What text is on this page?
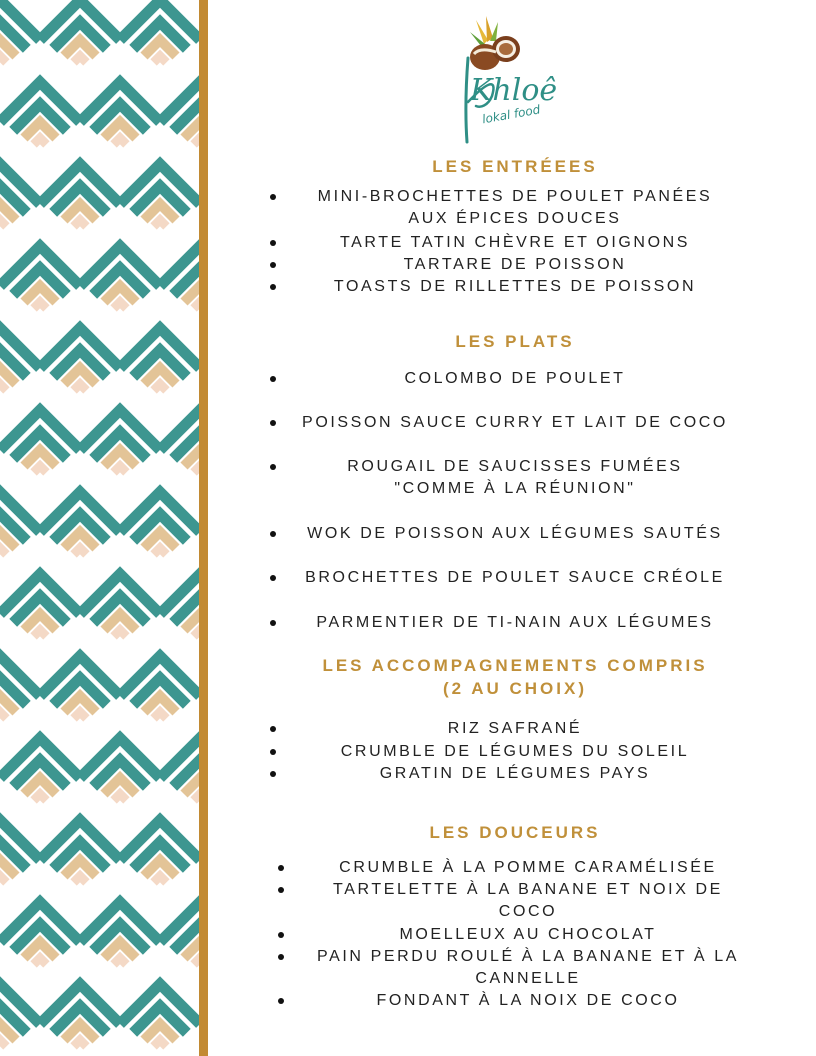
Khloê
lokal food
LES ENTRÉEES
MINI-BROCHETTES DE POULET PANÉES
AUX ÉPICES DOUCES
TARTE TATIN CHÈVRE ET OIGNONS
TARTARE DE POISSON
TOASTS DE RILLETTES DE POISSON
LES PLATS
COLOMBO DE POULET
POISSON SAUCE CURRY ET LAIT DE COCO
ROUGAIL DE SAUCISSES FUMÉES
"COMME À LA RÉUNION"
WOK DE POISSON AUX LÉGUMES SAUTÉS
BROCHETTES DE POULET SAUCE CRÉOLE
PARMENTIER DE TI-NAIN AUX LÉGUMES
LES ACCOMPAGNEMENTS COMPRIS
(2 AU CHOIX)
RIZ SAFRANÉ
CRUMBLE DE LÉGUMES DU SOLEIL
GRATIN DE LÉGUMES PAYS
LES DOUCEURS
CRUMBLE À LA POMME CARAMÉLISÉE
TARTELETTE À LA BANANE ET NOIX DE
COCO
MOELLEUX AU CHOCOLAT
PAIN PERDU ROULÉ À LA BANANE ET À LA
CANNELLE
FONDANT À LA NOIX DE COCO
